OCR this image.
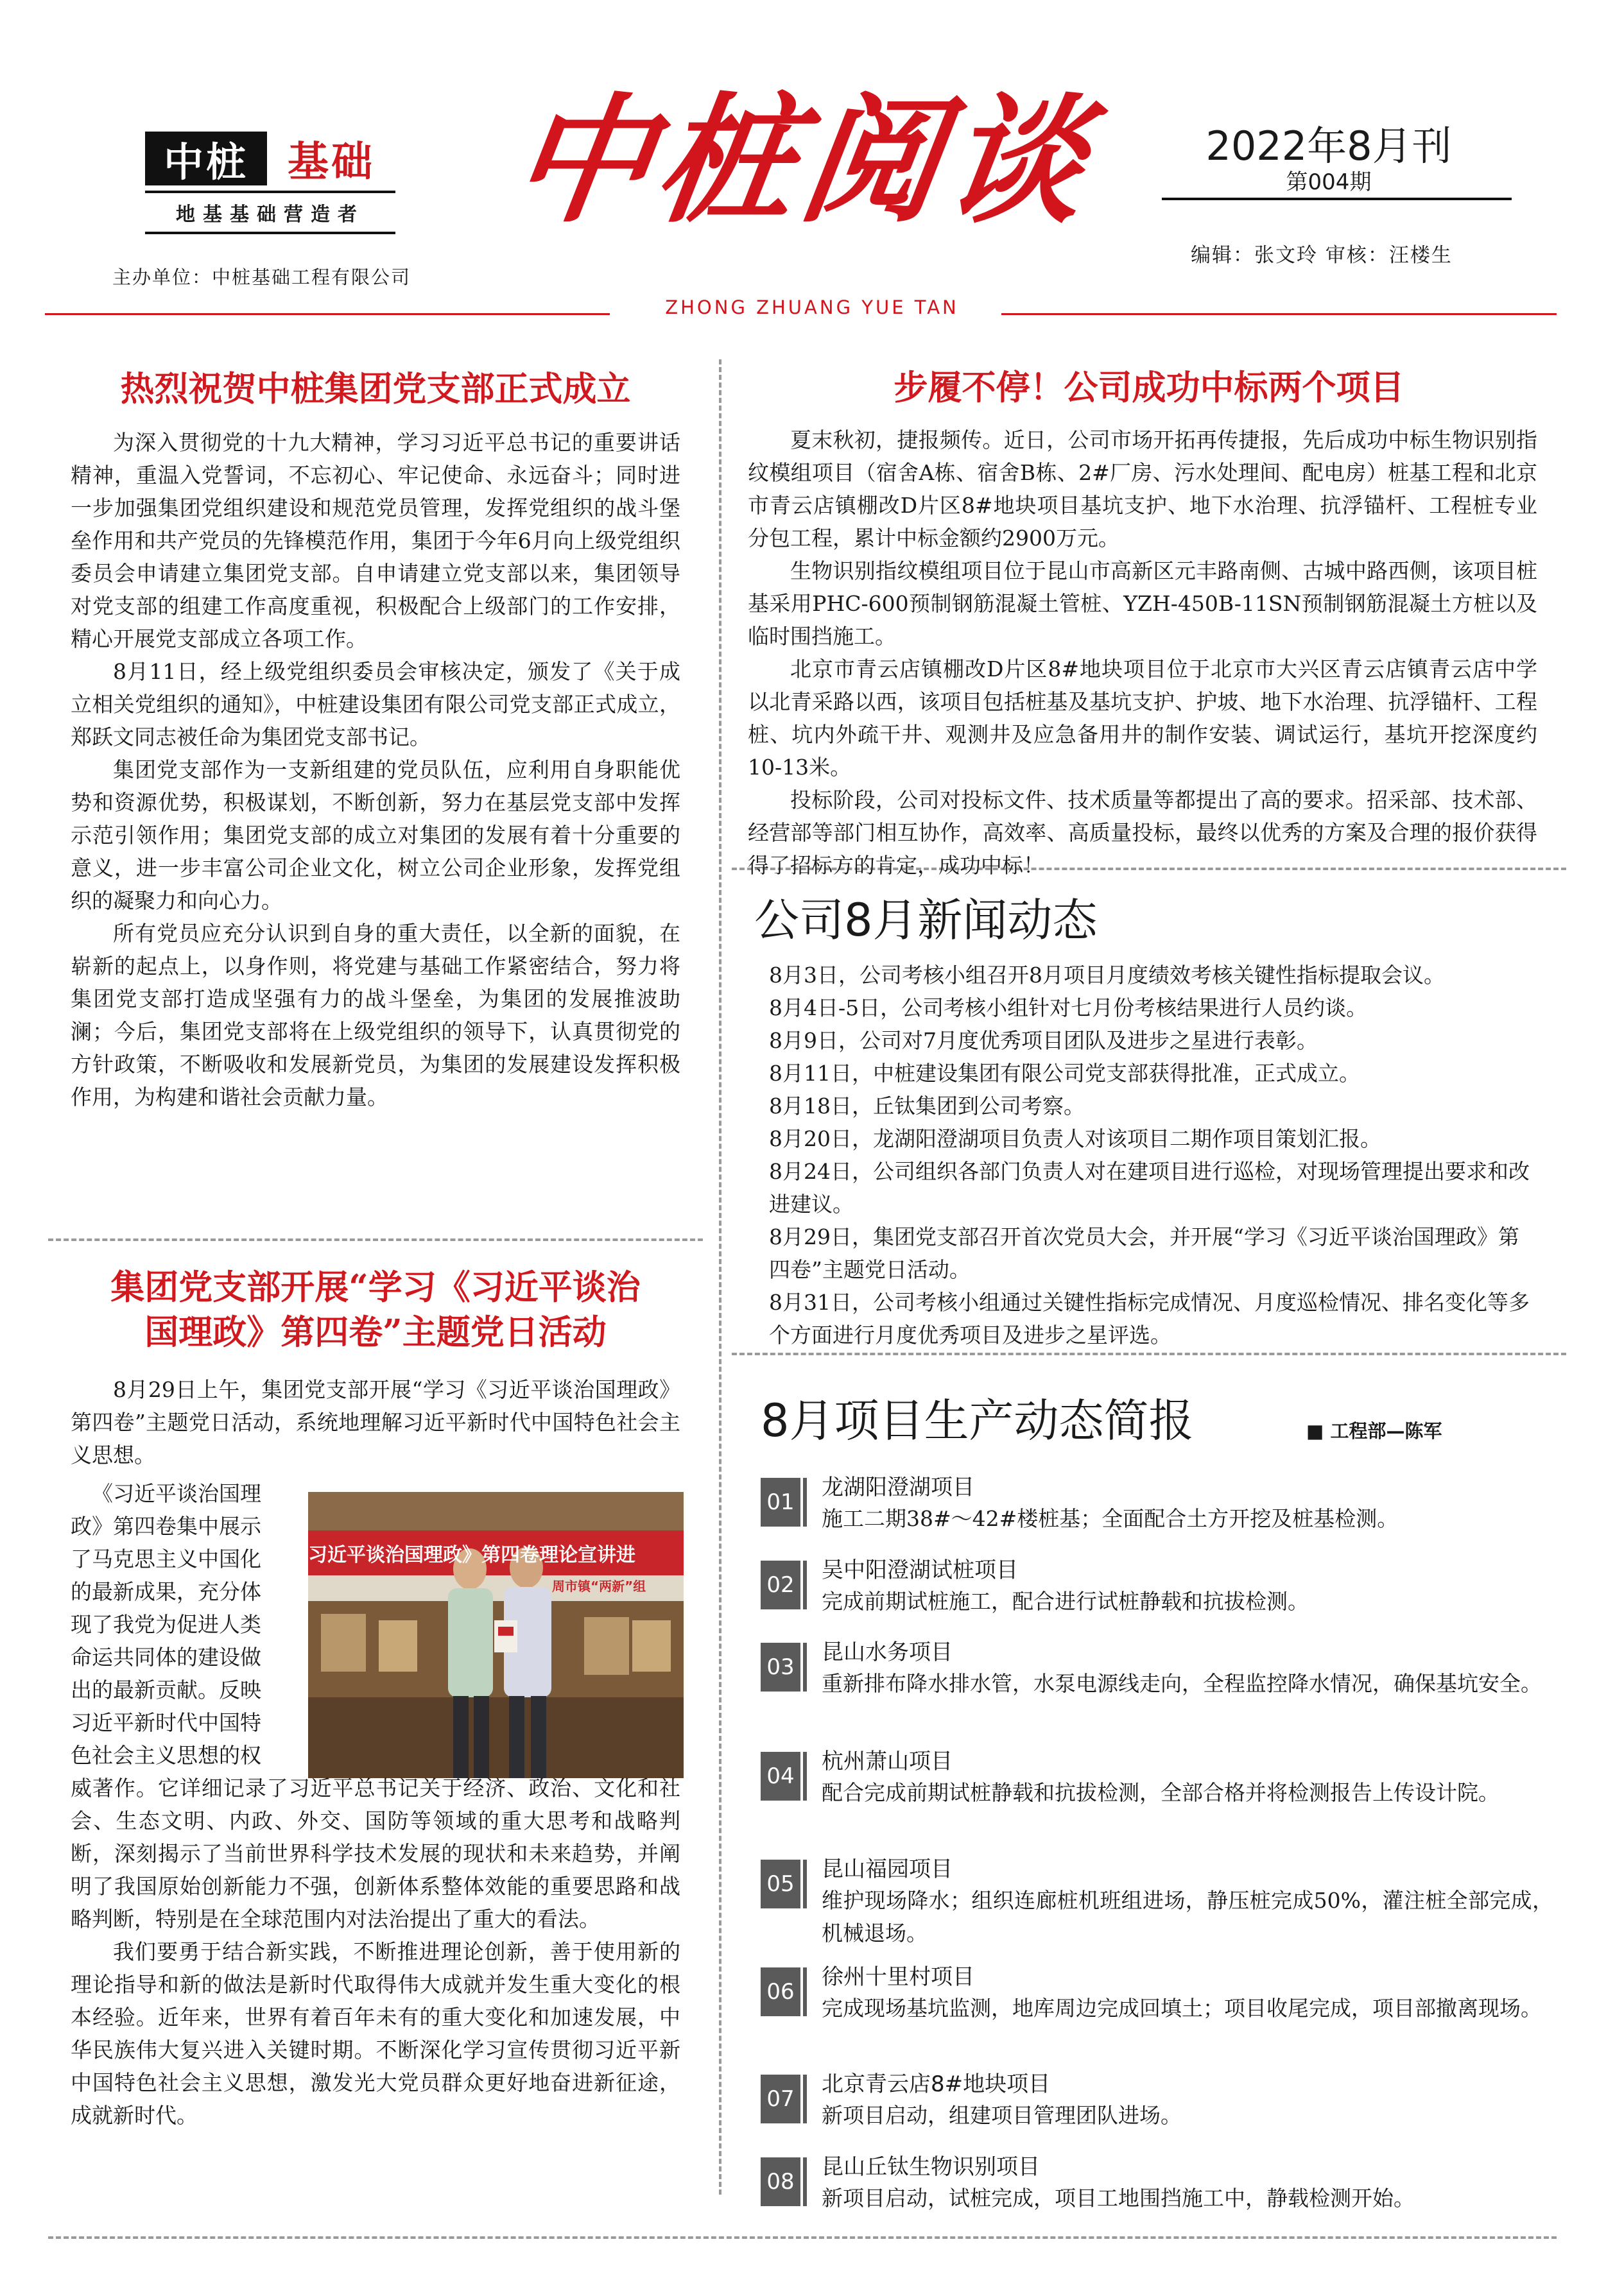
中桩 基础
地基基础营造者
主办单位：中桩基础工程有限公司
中桩阅谈
ZHONG ZHUANG YUE TAN
2022年8月刊
第004期
编辑：张文玲 审核：汪楼生
热烈祝贺中桩集团党支部正式成立

为深入贯彻党的十九大精神，学习习近平总书记的重要讲话精神，重温入党誓词，不忘初心、牢记使命、永远奋斗；同时进一步加强集团党组织建设和规范党员管理，发挥党组织的战斗堡垒作用和共产党员的先锋模范作用，集团于今年6月向上级党组织委员会申请建立集团党支部。自申请建立党支部以来，集团领导对党支部的组建工作高度重视，积极配合上级部门的工作安排，精心开展党支部成立各项工作。

8月11日，经上级党组织委员会审核决定，颁发了《关于成立相关党组织的通知》，中桩建设集团有限公司党支部正式成立，郑跃文同志被任命为集团党支部书记。

集团党支部作为一支新组建的党员队伍，应利用自身职能优势和资源优势，积极谋划，不断创新，努力在基层党支部中发挥示范引领作用；集团党支部的成立对集团的发展有着十分重要的意义，进一步丰富公司企业文化，树立公司企业形象，发挥党组织的凝聚力和向心力。

所有党员应充分认识到自身的重大责任，以全新的面貌，在崭新的起点上，以身作则，将党建与基础工作紧密结合，努力将集团党支部打造成坚强有力的战斗堡垒，为集团的发展推波助澜；今后，集团党支部将在上级党组织的领导下，认真贯彻党的方针政策，不断吸收和发展新党员，为集团的发展建设发挥积极作用，为构建和谐社会贡献力量。

集团党支部开展“学习《习近平谈治
国理政》第四卷”主题党日活动

8月29日上午，集团党支部开展“学习《习近平谈治国理政》第四卷”主题党日活动，系统地理解习近平新时代中国特色社会主义思想。

《习近平谈治国理
政》第四卷集中展示
了马克思主义中国化
的最新成果，充分体
现了我党为促进人类
命运共同体的建设做
出的最新贡献。反映
习近平新时代中国特
色社会主义思想的权
习近平谈治国理政》第四卷理论宣讲进
周市镇“两新”组

威著作。它详细记录了习近平总书记关于经济、政治、文化和社会、生态文明、内政、外交、国防等领域的重大思考和战略判断，深刻揭示了当前世界科学技术发展的现状和未来趋势，并阐明了我国原始创新能力不强，创新体系整体效能的重要思路和战略判断，特别是在全球范围内对法治提出了重大的看法。

我们要勇于结合新实践，不断推进理论创新，善于使用新的理论指导和新的做法是新时代取得伟大成就并发生重大变化的根本经验。近年来，世界有着百年未有的重大变化和加速发展，中华民族伟大复兴进入关键时期。不断深化学习宣传贯彻习近平新中国特色社会主义思想，激发光大党员群众更好地奋进新征途，成就新时代。

步履不停！公司成功中标两个项目

夏末秋初，捷报频传。近日，公司市场开拓再传捷报，先后成功中标生物识别指纹模组项目（宿舍A栋、宿舍B栋、2#厂房、污水处理间、配电房）桩基工程和北京市青云店镇棚改D片区8#地块项目基坑支护、地下水治理、抗浮锚杆、工程桩专业分包工程，累计中标金额约2900万元。

生物识别指纹模组项目位于昆山市高新区元丰路南侧、古城中路西侧，该项目桩基采用PHC-600预制钢筋混凝土管桩、YZH-450B-11SN预制钢筋混凝土方桩以及临时围挡施工。

北京市青云店镇棚改D片区8#地块项目位于北京市大兴区青云店镇青云店中学以北青采路以西，该项目包括桩基及基坑支护、护坡、地下水治理、抗浮锚杆、工程桩、坑内外疏干井、观测井及应急备用井的制作安装、调试运行，基坑开挖深度约10-13米。

投标阶段，公司对投标文件、技术质量等都提出了高的要求。招采部、技术部、经营部等部门相互协作，高效率、高质量投标，最终以优秀的方案及合理的报价获得得了招标方的肯定，成功中标！

公司8月新闻动态

8月3日，公司考核小组召开8月项目月度绩效考核关键性指标提取会议。

8月4日-5日，公司考核小组针对七月份考核结果进行人员约谈。

8月9日，公司对7月度优秀项目团队及进步之星进行表彰。

8月11日，中桩建设集团有限公司党支部获得批准，正式成立。

8月18日，丘钛集团到公司考察。

8月20日，龙湖阳澄湖项目负责人对该项目二期作项目策划汇报。

8月24日，公司组织各部门负责人对在建项目进行巡检，对现场管理提出要求和改进建议。

8月29日，集团党支部召开首次党员大会，并开展“学习《习近平谈治国理政》第四卷”主题党日活动。

8月31日，公司考核小组通过关键性指标完成情况、月度巡检情况、排名变化等多个方面进行月度优秀项目及进步之星评选。

8月项目生产动态简报	■ 工程部—陈军
01
龙湖阳澄湖项目
施工二期38#～42#楼桩基；全面配合土方开挖及桩基检测。
02
吴中阳澄湖试桩项目
完成前期试桩施工，配合进行试桩静载和抗拔检测。
03
昆山水务项目
重新排布降水排水管，水泵电源线走向，全程监控降水情况，确保基坑安全。
04
杭州萧山项目
配合完成前期试桩静载和抗拔检测，全部合格并将检测报告上传设计院。
05
昆山福园项目
维护现场降水；组织连廊桩机班组进场，静压桩完成50%，灌注桩全部完成，机械退场。
06
徐州十里村项目
完成现场基坑监测，地库周边完成回填土；项目收尾完成，项目部撤离现场。
07
北京青云店8#地块项目
新项目启动，组建项目管理团队进场。
08
昆山丘钛生物识别项目
新项目启动，试桩完成，项目工地围挡施工中，静载检测开始。
